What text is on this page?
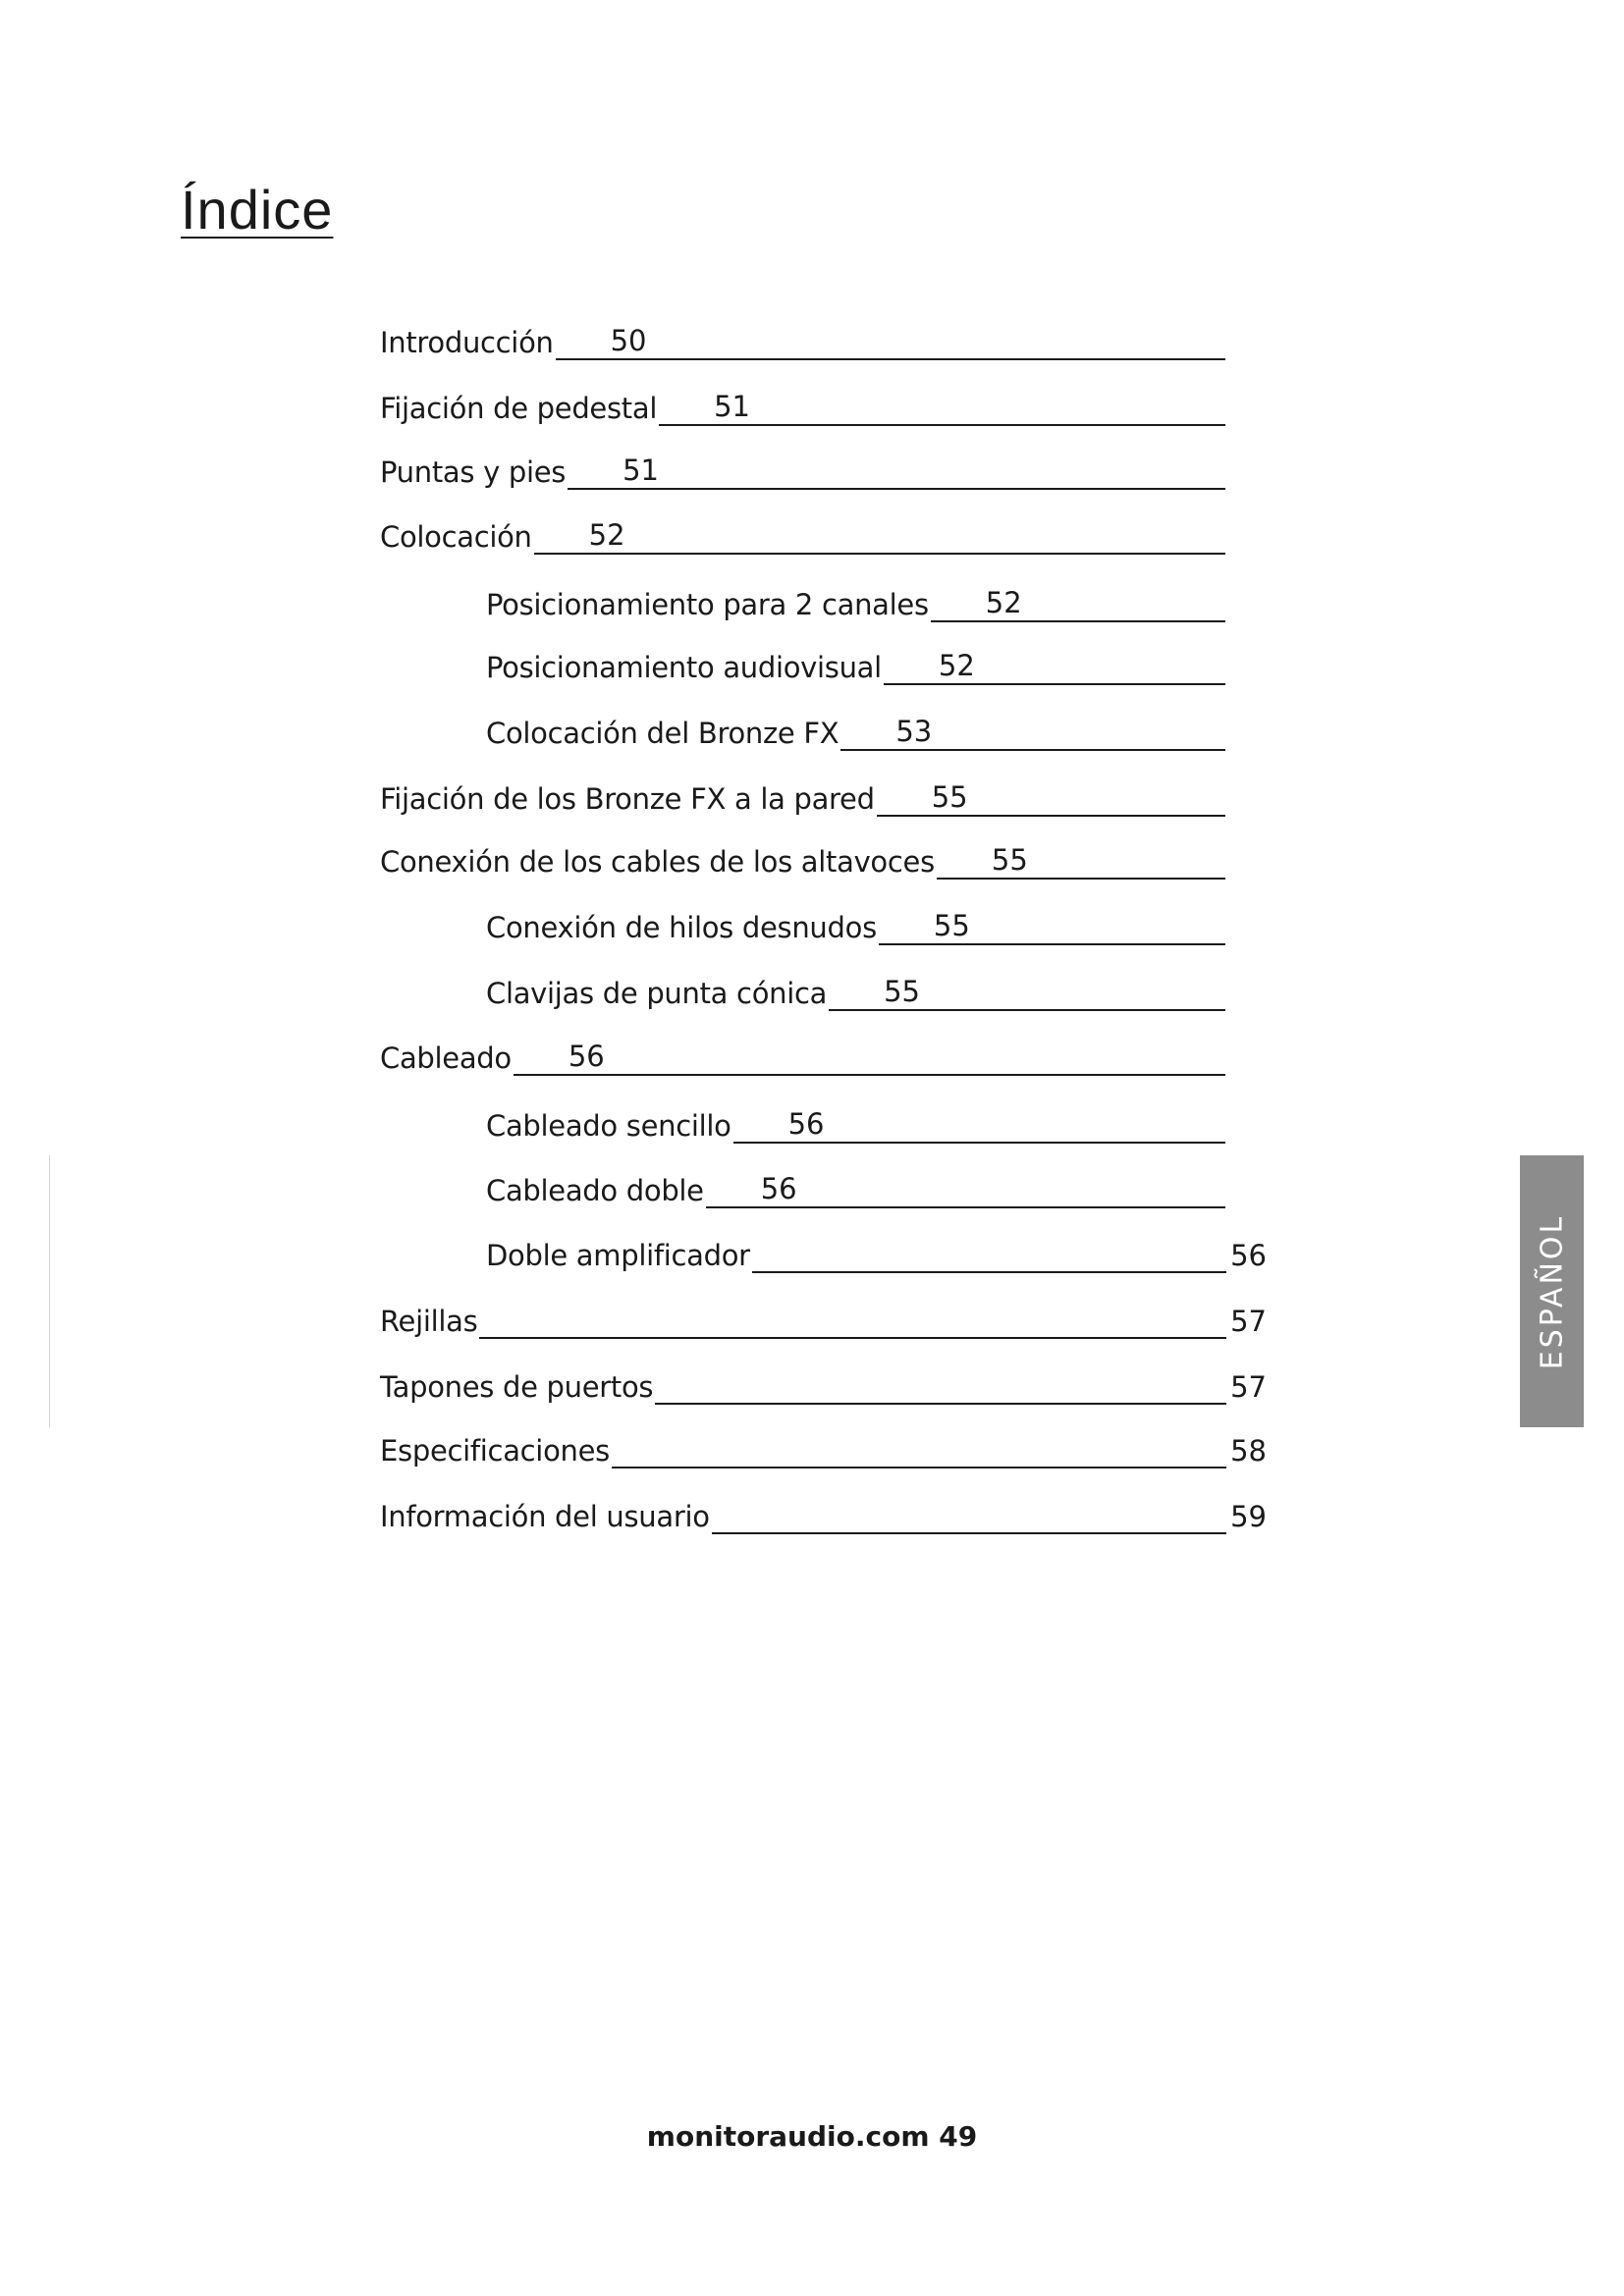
Índice
Introducción 50
Fijación de pedestal 51
Puntas y pies 51
Colocación 52
Posicionamiento para 2 canales 52
Posicionamiento audiovisual 52
Colocación del Bronze FX 53
Fijación de los Bronze FX a la pared 55
Conexión de los cables de los altavoces 55
Conexión de hilos desnudos 55
Clavijas de punta cónica 55
Cableado 56
Cableado sencillo 56
Cableado doble 56
Doble amplificador	56
Rejillas	57
Tapones de puertos	57
Especificaciones	58
Información del usuario	59
ESPAÑOL
monitoraudio.com 49
